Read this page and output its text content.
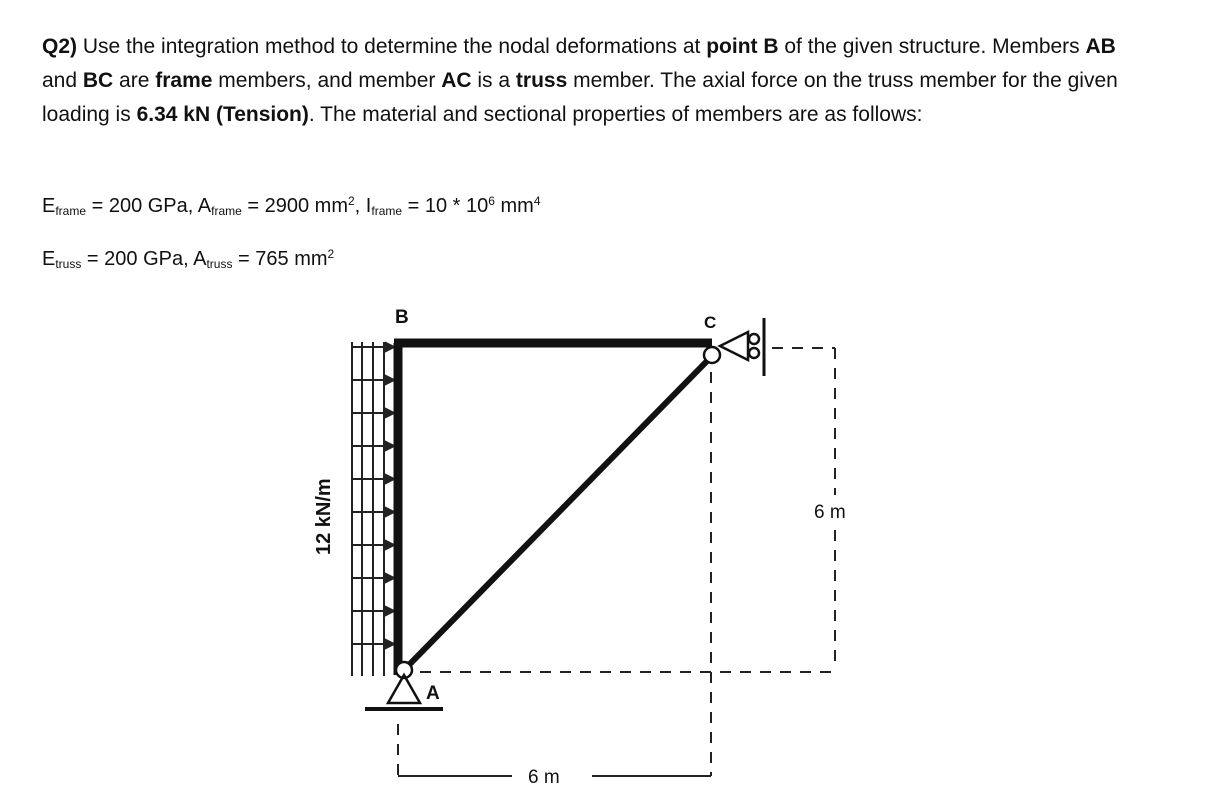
Q2) Use the integration method to determine the nodal deformations at point B of the given structure. Members AB and BC are frame members, and member AC is a truss member. The axial force on the truss member for the given loading is 6.34 kN (Tension). The material and sectional properties of members are as follows:
$E_{frame} = 200$ GPa, $A_{frame} = 2900$ $mm^2$, $I_{frame} = 10 * 10^6$ $mm^4$
$E_{truss} = 200$ GPa, $A_{truss} = 765$ $mm^2$
12 kN/m
B	C
A
6 m
6 m
